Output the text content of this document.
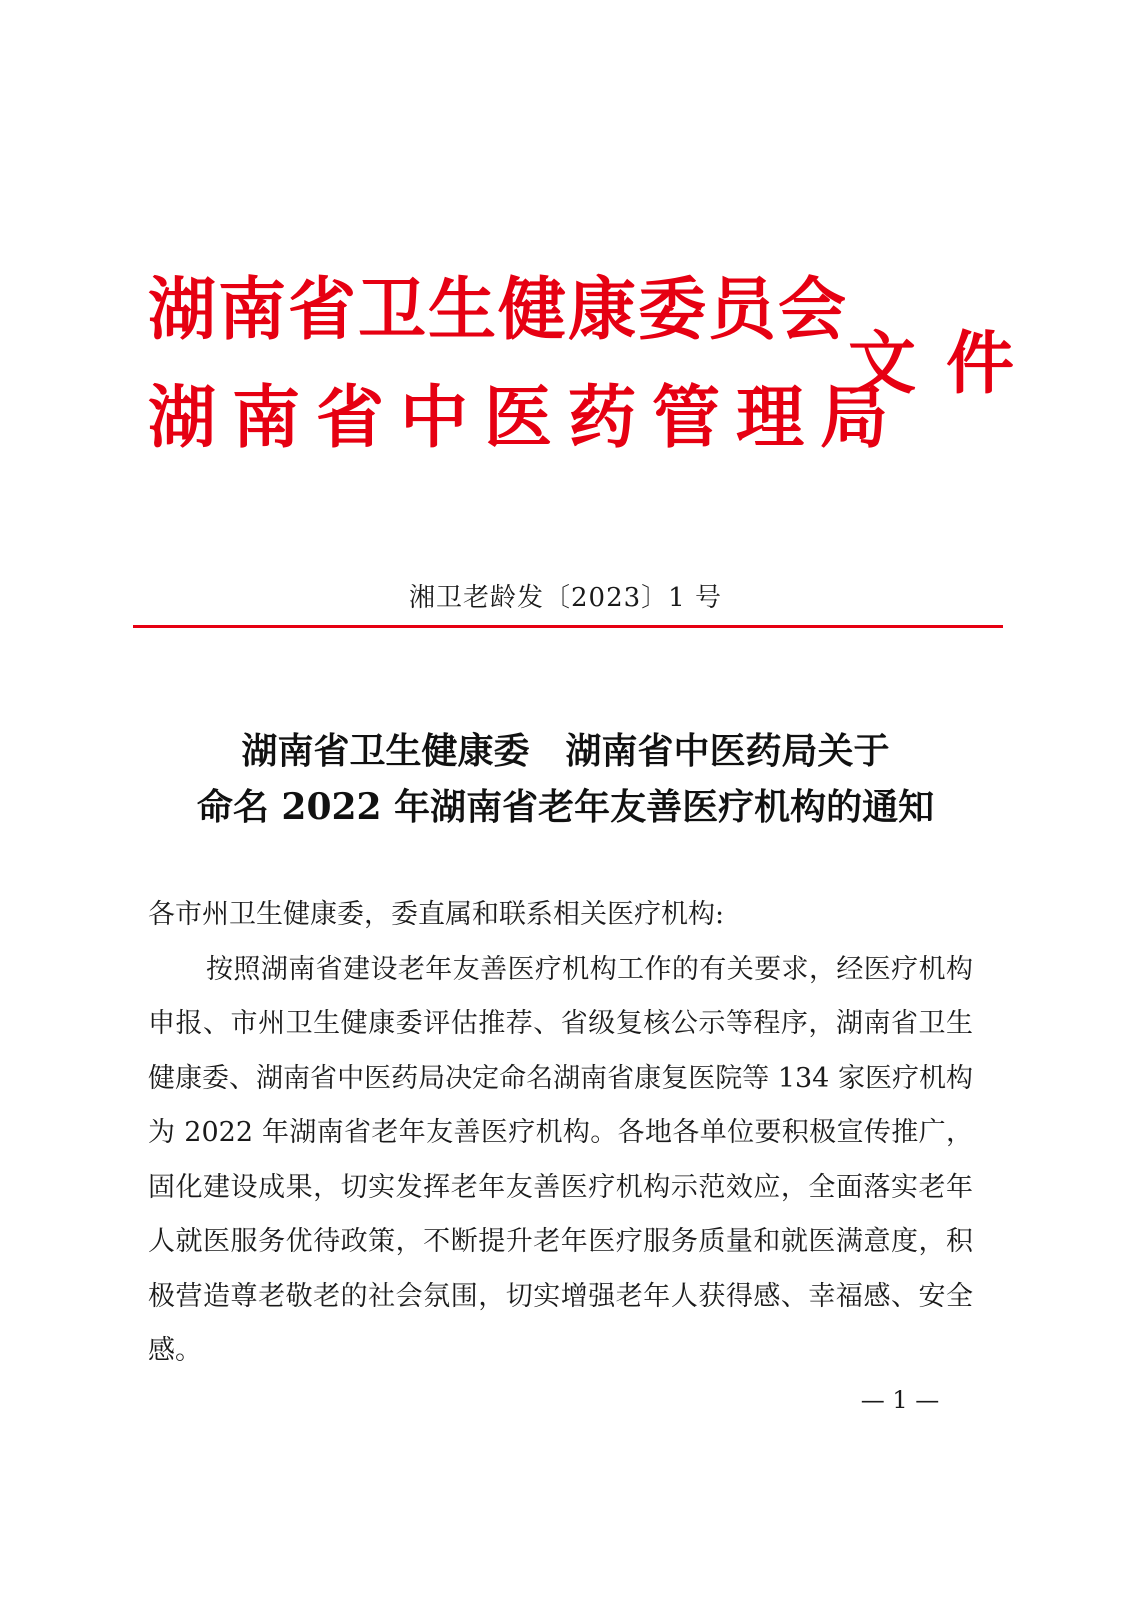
湖南省卫生健康委员会
湖南省中医药管理局
文件
湘卫老龄发〔2023〕1 号
湖南省卫生健康委　湖南省中医药局关于
命名 2022 年湖南省老年友善医疗机构的通知
各市州卫生健康委，委直属和联系相关医疗机构:
按照湖南省建设老年友善医疗机构工作的有关要求，经医疗机构申报、市州卫生健康委评估推荐、省级复核公示等程序，湖南省卫生健康委、湖南省中医药局决定命名湖南省康复医院等 134 家医疗机构为 2022 年湖南省老年友善医疗机构。各地各单位要积极宣传推广，固化建设成果，切实发挥老年友善医疗机构示范效应，全面落实老年人就医服务优待政策，不断提升老年医疗服务质量和就医满意度，积极营造尊老敬老的社会氛围，切实增强老年人获得感、幸福感、安全感。
— 1 —
